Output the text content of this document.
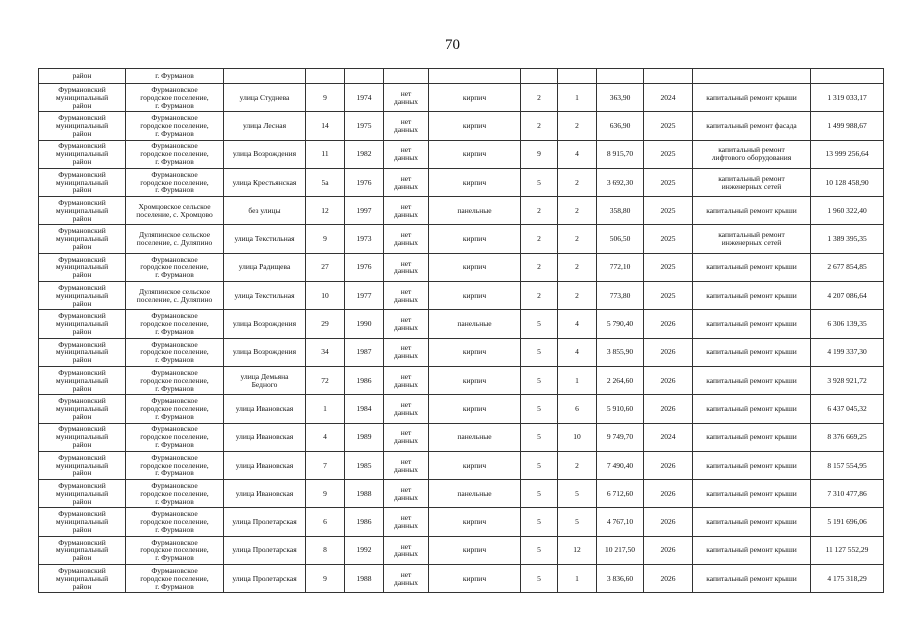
70
район	г. Фурманов											

Фурмановский
муниципальный
район	Фурмановское
городское поселение,
г. Фурманов	улица Студнева	9	1974	нет
данных	кирпич	2	1	363,90	2024	капитальный ремонт крыши	1 319 033,17

Фурмановский
муниципальный
район	Фурмановское
городское поселение,
г. Фурманов	улица Лесная	14	1975	нет
данных	кирпич	2	2	636,90	2025	капитальный ремонт фасада	1 499 988,67

Фурмановский
муниципальный
район	Фурмановское
городское поселение,
г. Фурманов	улица Возрождения	11	1982	нет
данных	кирпич	9	4	8 915,70	2025	капитальный ремонт
лифтового оборудования	13 999 256,64

Фурмановский
муниципальный
район	Фурмановское
городское поселение,
г. Фурманов	улица Крестьянская	5а	1976	нет
данных	кирпич	5	2	3 692,30	2025	капитальный ремонт
инженерных сетей	10 128 458,90

Фурмановский
муниципальный
район	Хромцовское сельское
поселение, с. Хромцово	без улицы	12	1997	нет
данных	панельные	2	2	358,80	2025	капитальный ремонт крыши	1 960 322,40

Фурмановский
муниципальный
район	Дуляпинское сельское
поселение, с. Дуляпино	улица Текстильная	9	1973	нет
данных	кирпич	2	2	506,50	2025	капитальный ремонт
инженерных сетей	1 389 395,35

Фурмановский
муниципальный
район	Фурмановское
городское поселение,
г. Фурманов	улица Радищева	27	1976	нет
данных	кирпич	2	2	772,10	2025	капитальный ремонт крыши	2 677 854,85

Фурмановский
муниципальный
район	Дуляпинское сельское
поселение, с. Дуляпино	улица Текстильная	10	1977	нет
данных	кирпич	2	2	773,80	2025	капитальный ремонт крыши	4 207 086,64

Фурмановский
муниципальный
район	Фурмановское
городское поселение,
г. Фурманов	улица Возрождения	29	1990	нет
данных	панельные	5	4	5 790,40	2026	капитальный ремонт крыши	6 306 139,35

Фурмановский
муниципальный
район	Фурмановское
городское поселение,
г. Фурманов	улица Возрождения	34	1987	нет
данных	кирпич	5	4	3 855,90	2026	капитальный ремонт крыши	4 199 337,30

Фурмановский
муниципальный
район	Фурмановское
городское поселение,
г. Фурманов	улица Демьяна
Бедного	72	1986	нет
данных	кирпич	5	1	2 264,60	2026	капитальный ремонт крыши	3 928 921,72

Фурмановский
муниципальный
район	Фурмановское
городское поселение,
г. Фурманов	улица Ивановская	1	1984	нет
данных	кирпич	5	6	5 910,60	2026	капитальный ремонт крыши	6 437 045,32

Фурмановский
муниципальный
район	Фурмановское
городское поселение,
г. Фурманов	улица Ивановская	4	1989	нет
данных	панельные	5	10	9 749,70	2024	капитальный ремонт крыши	8 376 669,25

Фурмановский
муниципальный
район	Фурмановское
городское поселение,
г. Фурманов	улица Ивановская	7	1985	нет
данных	кирпич	5	2	7 490,40	2026	капитальный ремонт крыши	8 157 554,95

Фурмановский
муниципальный
район	Фурмановское
городское поселение,
г. Фурманов	улица Ивановская	9	1988	нет
данных	панельные	5	5	6 712,60	2026	капитальный ремонт крыши	7 310 477,86

Фурмановский
муниципальный
район	Фурмановское
городское поселение,
г. Фурманов	улица Пролетарская	6	1986	нет
данных	кирпич	5	5	4 767,10	2026	капитальный ремонт крыши	5 191 696,06

Фурмановский
муниципальный
район	Фурмановское
городское поселение,
г. Фурманов	улица Пролетарская	8	1992	нет
данных	кирпич	5	12	10 217,50	2026	капитальный ремонт крыши	11 127 552,29

Фурмановский
муниципальный
район	Фурмановское
городское поселение,
г. Фурманов	улица Пролетарская	9	1988	нет
данных	кирпич	5	1	3 836,60	2026	капитальный ремонт крыши	4 175 318,29
